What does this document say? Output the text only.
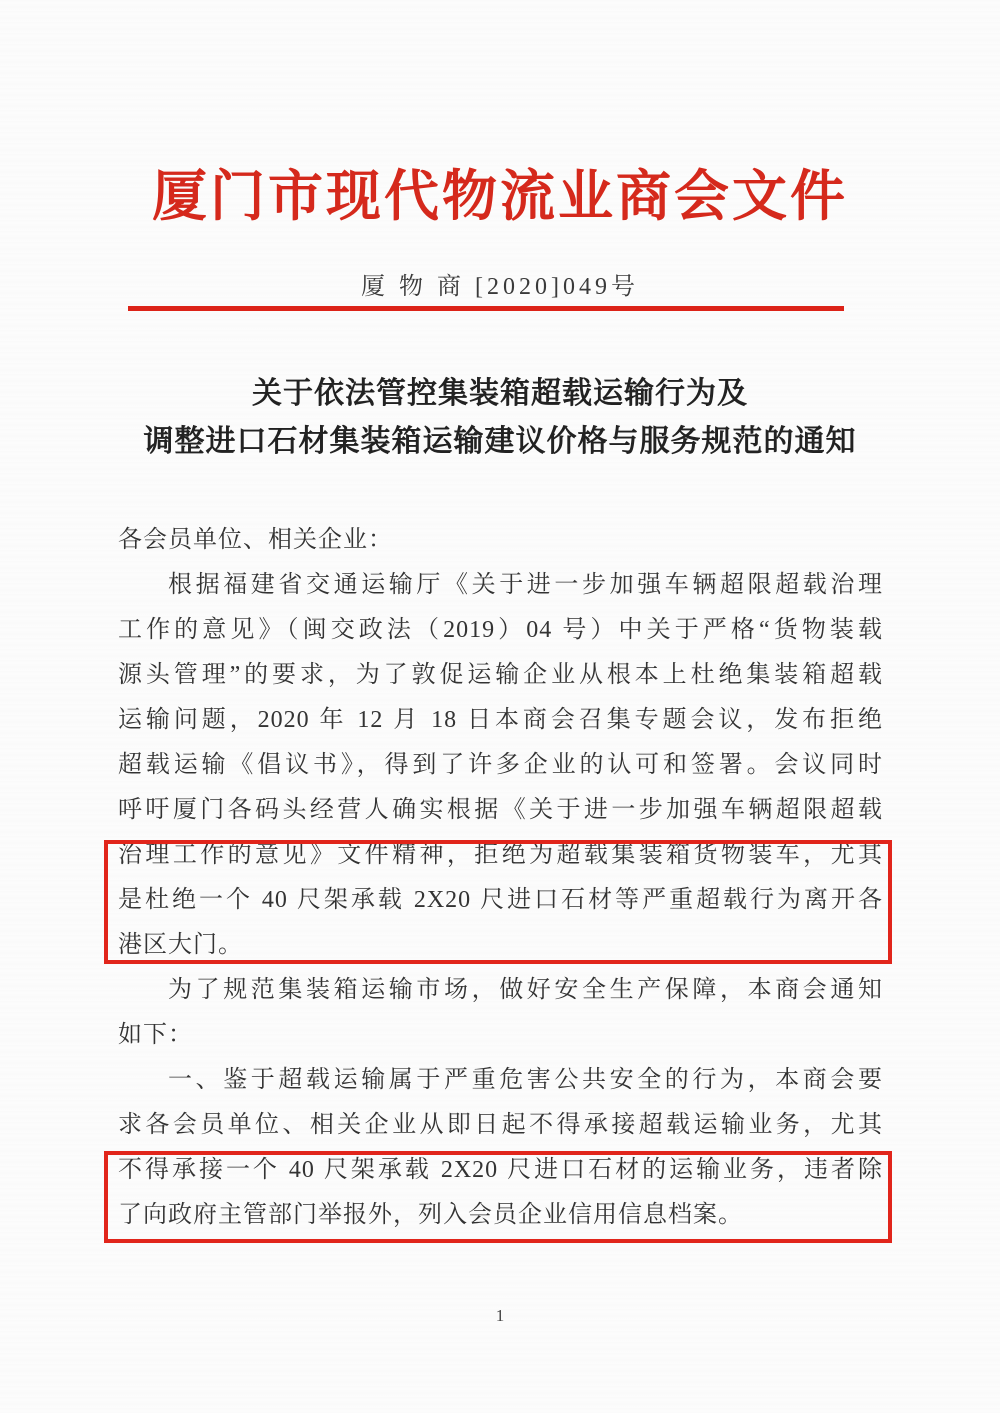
厦门市现代物流业商会文件
厦 物 商 [2020]049号
关于依法管控集装箱超载运输行为及
调整进口石材集装箱运输建议价格与服务规范的通知
各会员单位、相关企业：
根据福建省交通运输厅《关于进一步加强车辆超限超载治理
工作的意见》（闽交政法（2019）04 号）中关于严格“货物装载
源头管理”的要求，为了敦促运输企业从根本上杜绝集装箱超载
运输问题，2020 年 12 月 18 日本商会召集专题会议，发布拒绝
超载运输《倡议书》，得到了许多企业的认可和签署。会议同时
呼吁厦门各码头经营人确实根据《关于进一步加强车辆超限超载
治理工作的意见》文件精神，拒绝为超载集装箱货物装车，尤其
是杜绝一个 40 尺架承载 2X20 尺进口石材等严重超载行为离开各
港区大门。
为了规范集装箱运输市场，做好安全生产保障，本商会通知
如下：
一、鉴于超载运输属于严重危害公共安全的行为，本商会要
求各会员单位、相关企业从即日起不得承接超载运输业务，尤其
不得承接一个 40 尺架承载 2X20 尺进口石材的运输业务，违者除
了向政府主管部门举报外，列入会员企业信用信息档案。
1
